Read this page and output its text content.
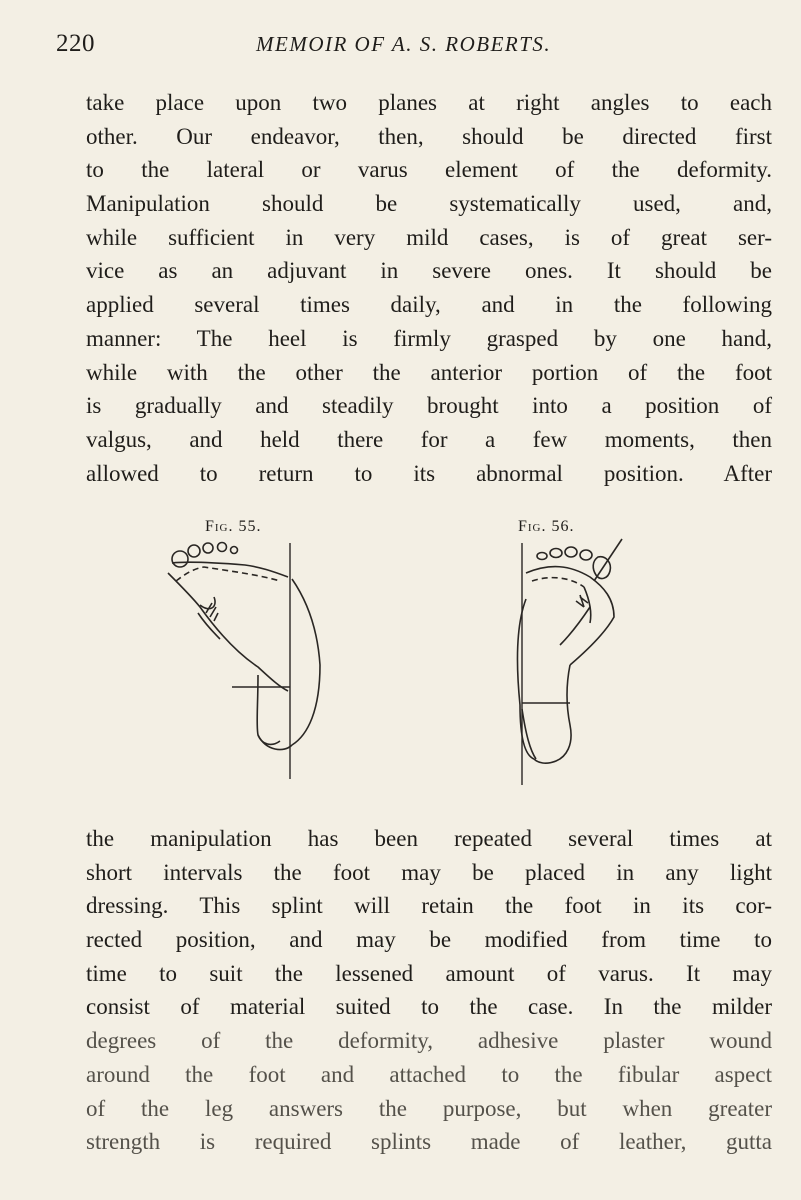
220	MEMOIR OF A. S. ROBERTS.
take place upon two planes at right angles to each
other. Our endeavor, then, should be directed first
to the lateral or varus element of the deformity.
Manipulation should be systematically used, and,
while sufficient in very mild cases, is of great ser-
vice as an adjuvant in severe ones. It should be
applied several times daily, and in the following
manner: The heel is firmly grasped by one hand,
while with the other the anterior portion of the foot
is gradually and steadily brought into a position of
valgus, and held there for a few moments, then
allowed to return to its abnormal position. After
Fig. 55.	Fig. 56.
the manipulation has been repeated several times at
short intervals the foot may be placed in any light
dressing. This splint will retain the foot in its cor-
rected position, and may be modified from time to
time to suit the lessened amount of varus. It may
consist of material suited to the case. In the milder
degrees of the deformity, adhesive plaster wound
around the foot and attached to the fibular aspect
of the leg answers the purpose, but when greater
strength is required splints made of leather, gutta
